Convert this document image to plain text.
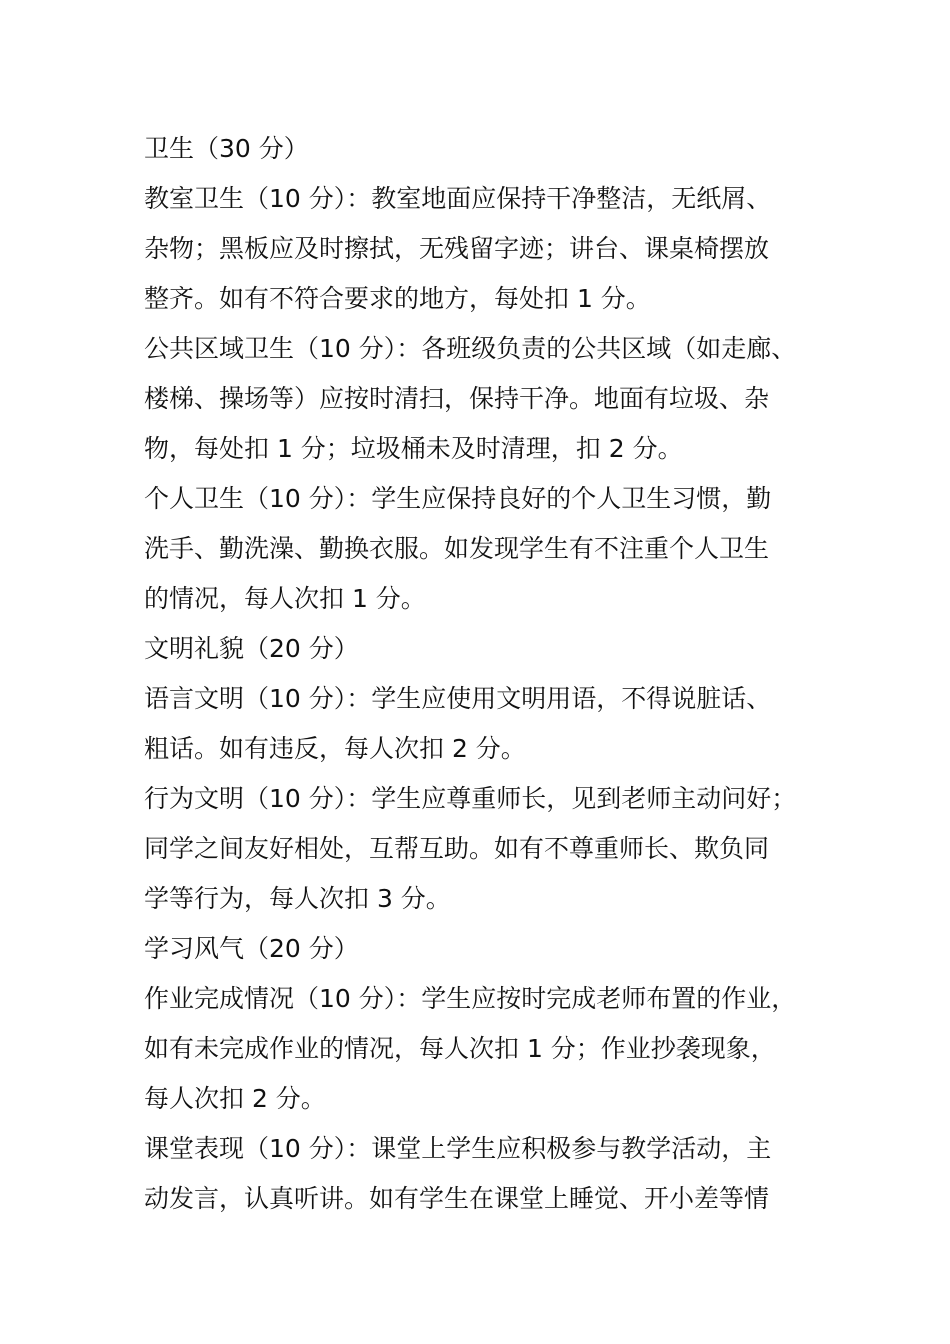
卫生（30 分）
教室卫生（10 分）：教室地面应保持干净整洁，无纸屑、
杂物；黑板应及时擦拭，无残留字迹；讲台、课桌椅摆放
整齐。如有不符合要求的地方，每处扣 1 分。
公共区域卫生（10 分）：各班级负责的公共区域（如走廊、
楼梯、操场等）应按时清扫，保持干净。地面有垃圾、杂
物，每处扣 1 分；垃圾桶未及时清理，扣 2 分。
个人卫生（10 分）：学生应保持良好的个人卫生习惯，勤
洗手、勤洗澡、勤换衣服。如发现学生有不注重个人卫生
的情况，每人次扣 1 分。
文明礼貌（20 分）
语言文明（10 分）：学生应使用文明用语，不得说脏话、
粗话。如有违反，每人次扣 2 分。
行为文明（10 分）：学生应尊重师长，见到老师主动问好；
同学之间友好相处，互帮互助。如有不尊重师长、欺负同
学等行为，每人次扣 3 分。
学习风气（20 分）
作业完成情况（10 分）：学生应按时完成老师布置的作业，
如有未完成作业的情况，每人次扣 1 分；作业抄袭现象，
每人次扣 2 分。
课堂表现（10 分）：课堂上学生应积极参与教学活动，主
动发言，认真听讲。如有学生在课堂上睡觉、开小差等情
